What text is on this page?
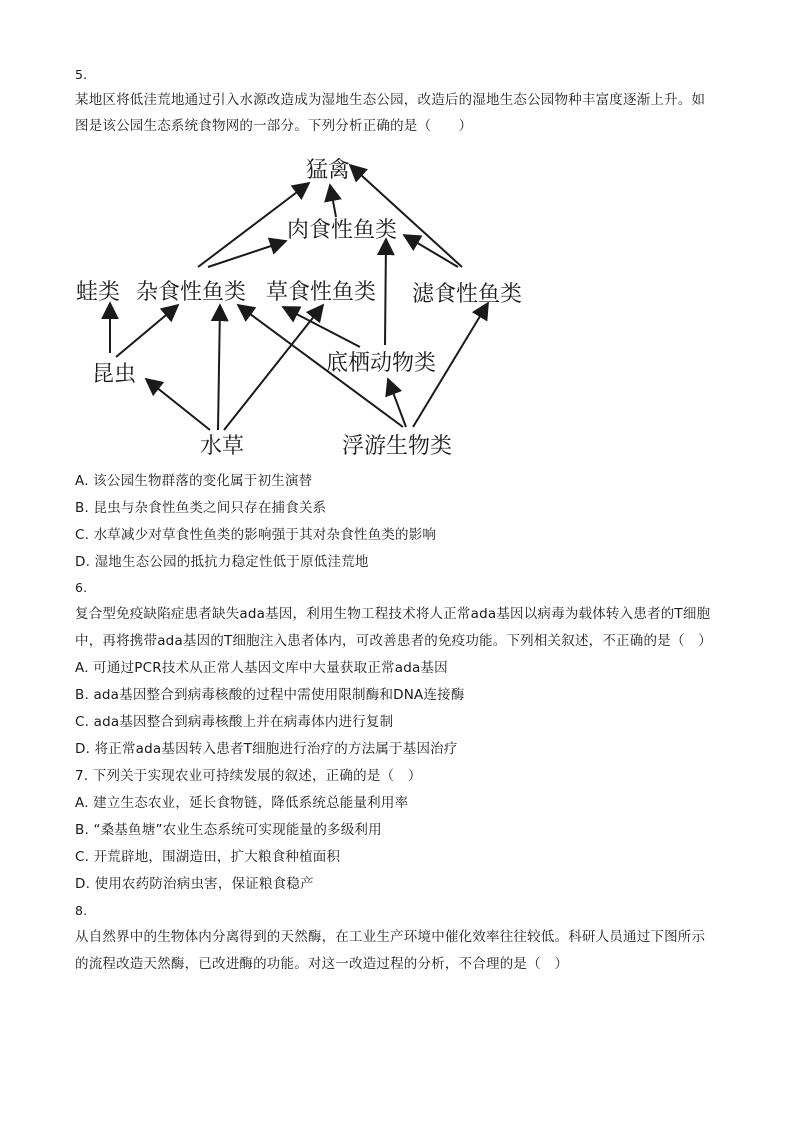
5.
某地区将低洼荒地通过引入水源改造成为湿地生态公园，改造后的湿地生态公园物种丰富度逐渐上升。如
图是该公园生态系统食物网的一部分。下列分析正确的是（　　）
猛禽
肉食性鱼类
蛙类 杂食性鱼类 草食性鱼类 滤食性鱼类
昆虫	底栖动物类
水草	浮游生物类
A. 该公园生物群落的变化属于初生演替
B. 昆虫与杂食性鱼类之间只存在捕食关系
C. 水草减少对草食性鱼类的影响强于其对杂食性鱼类的影响
D. 湿地生态公园的抵抗力稳定性低于原低洼荒地
6.
复合型免疫缺陷症患者缺失ada基因，利用生物工程技术将人正常ada基因以病毒为载体转入患者的T细胞
中，再将携带ada基因的T细胞注入患者体内，可改善患者的免疫功能。下列相关叙述，不正确的是（　）
A. 可通过PCR技术从正常人基因文库中大量获取正常ada基因
B. ada基因整合到病毒核酸的过程中需使用限制酶和DNA连接酶
C. ada基因整合到病毒核酸上并在病毒体内进行复制
D. 将正常ada基因转入患者T细胞进行治疗的方法属于基因治疗
7. 下列关于实现农业可持续发展的叙述，正确的是（　）
A. 建立生态农业，延长食物链，降低系统总能量利用率
B. “桑基鱼塘”农业生态系统可实现能量的多级利用
C. 开荒辟地，围湖造田，扩大粮食种植面积
D. 使用农药防治病虫害，保证粮食稳产
8.
从自然界中的生物体内分离得到的天然酶，在工业生产环境中催化效率往往较低。科研人员通过下图所示
的流程改造天然酶，已改进酶的功能。对这一改造过程的分析，不合理的是（　）
